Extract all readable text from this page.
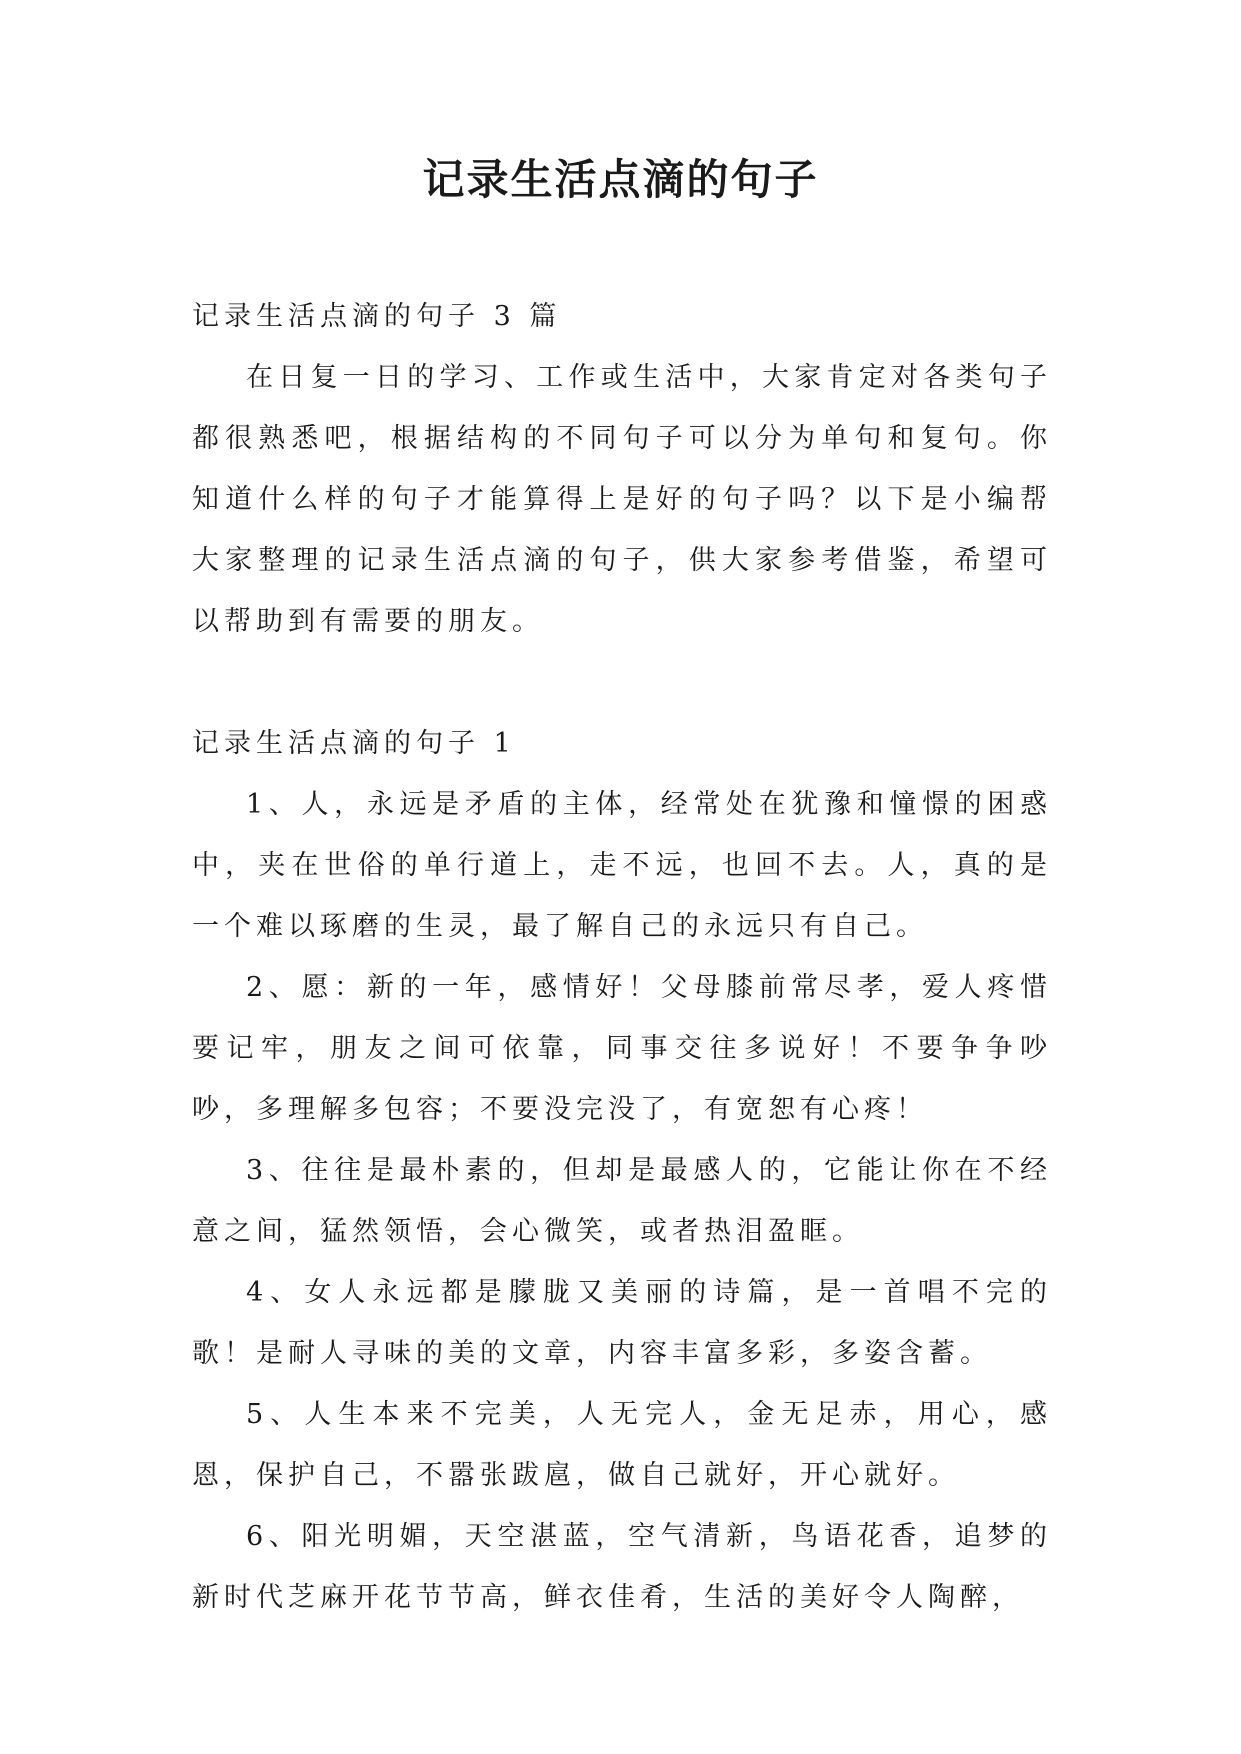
记录生活点滴的句子

记录生活点滴的句子 3 篇

在日复一日的学习、工作或生活中，大家肯定对各类句子都很熟悉吧，根据结构的不同句子可以分为单句和复句。你知道什么样的句子才能算得上是好的句子吗？以下是小编帮大家整理的记录生活点滴的句子，供大家参考借鉴，希望可以帮助到有需要的朋友。

记录生活点滴的句子 1

1、人，永远是矛盾的主体，经常处在犹豫和憧憬的困惑中，夹在世俗的单行道上，走不远，也回不去。人，真的是一个难以琢磨的生灵，最了解自己的永远只有自己。

2、愿：新的一年，感情好！父母膝前常尽孝，爱人疼惜要记牢，朋友之间可依靠，同事交往多说好！不要争争吵吵，多理解多包容；不要没完没了，有宽恕有心疼！

3、往往是最朴素的，但却是最感人的，它能让你在不经意之间，猛然领悟，会心微笑，或者热泪盈眶。

4、女人永远都是朦胧又美丽的诗篇，是一首唱不完的歌！是耐人寻味的美的文章，内容丰富多彩，多姿含蓄。

5、人生本来不完美，人无完人，金无足赤，用心，感恩，保护自己，不嚣张跋扈，做自己就好，开心就好。

6、阳光明媚，天空湛蓝，空气清新，鸟语花香，追梦的新时代芝麻开花节节高，鲜衣佳肴，生活的美好令人陶醉，
